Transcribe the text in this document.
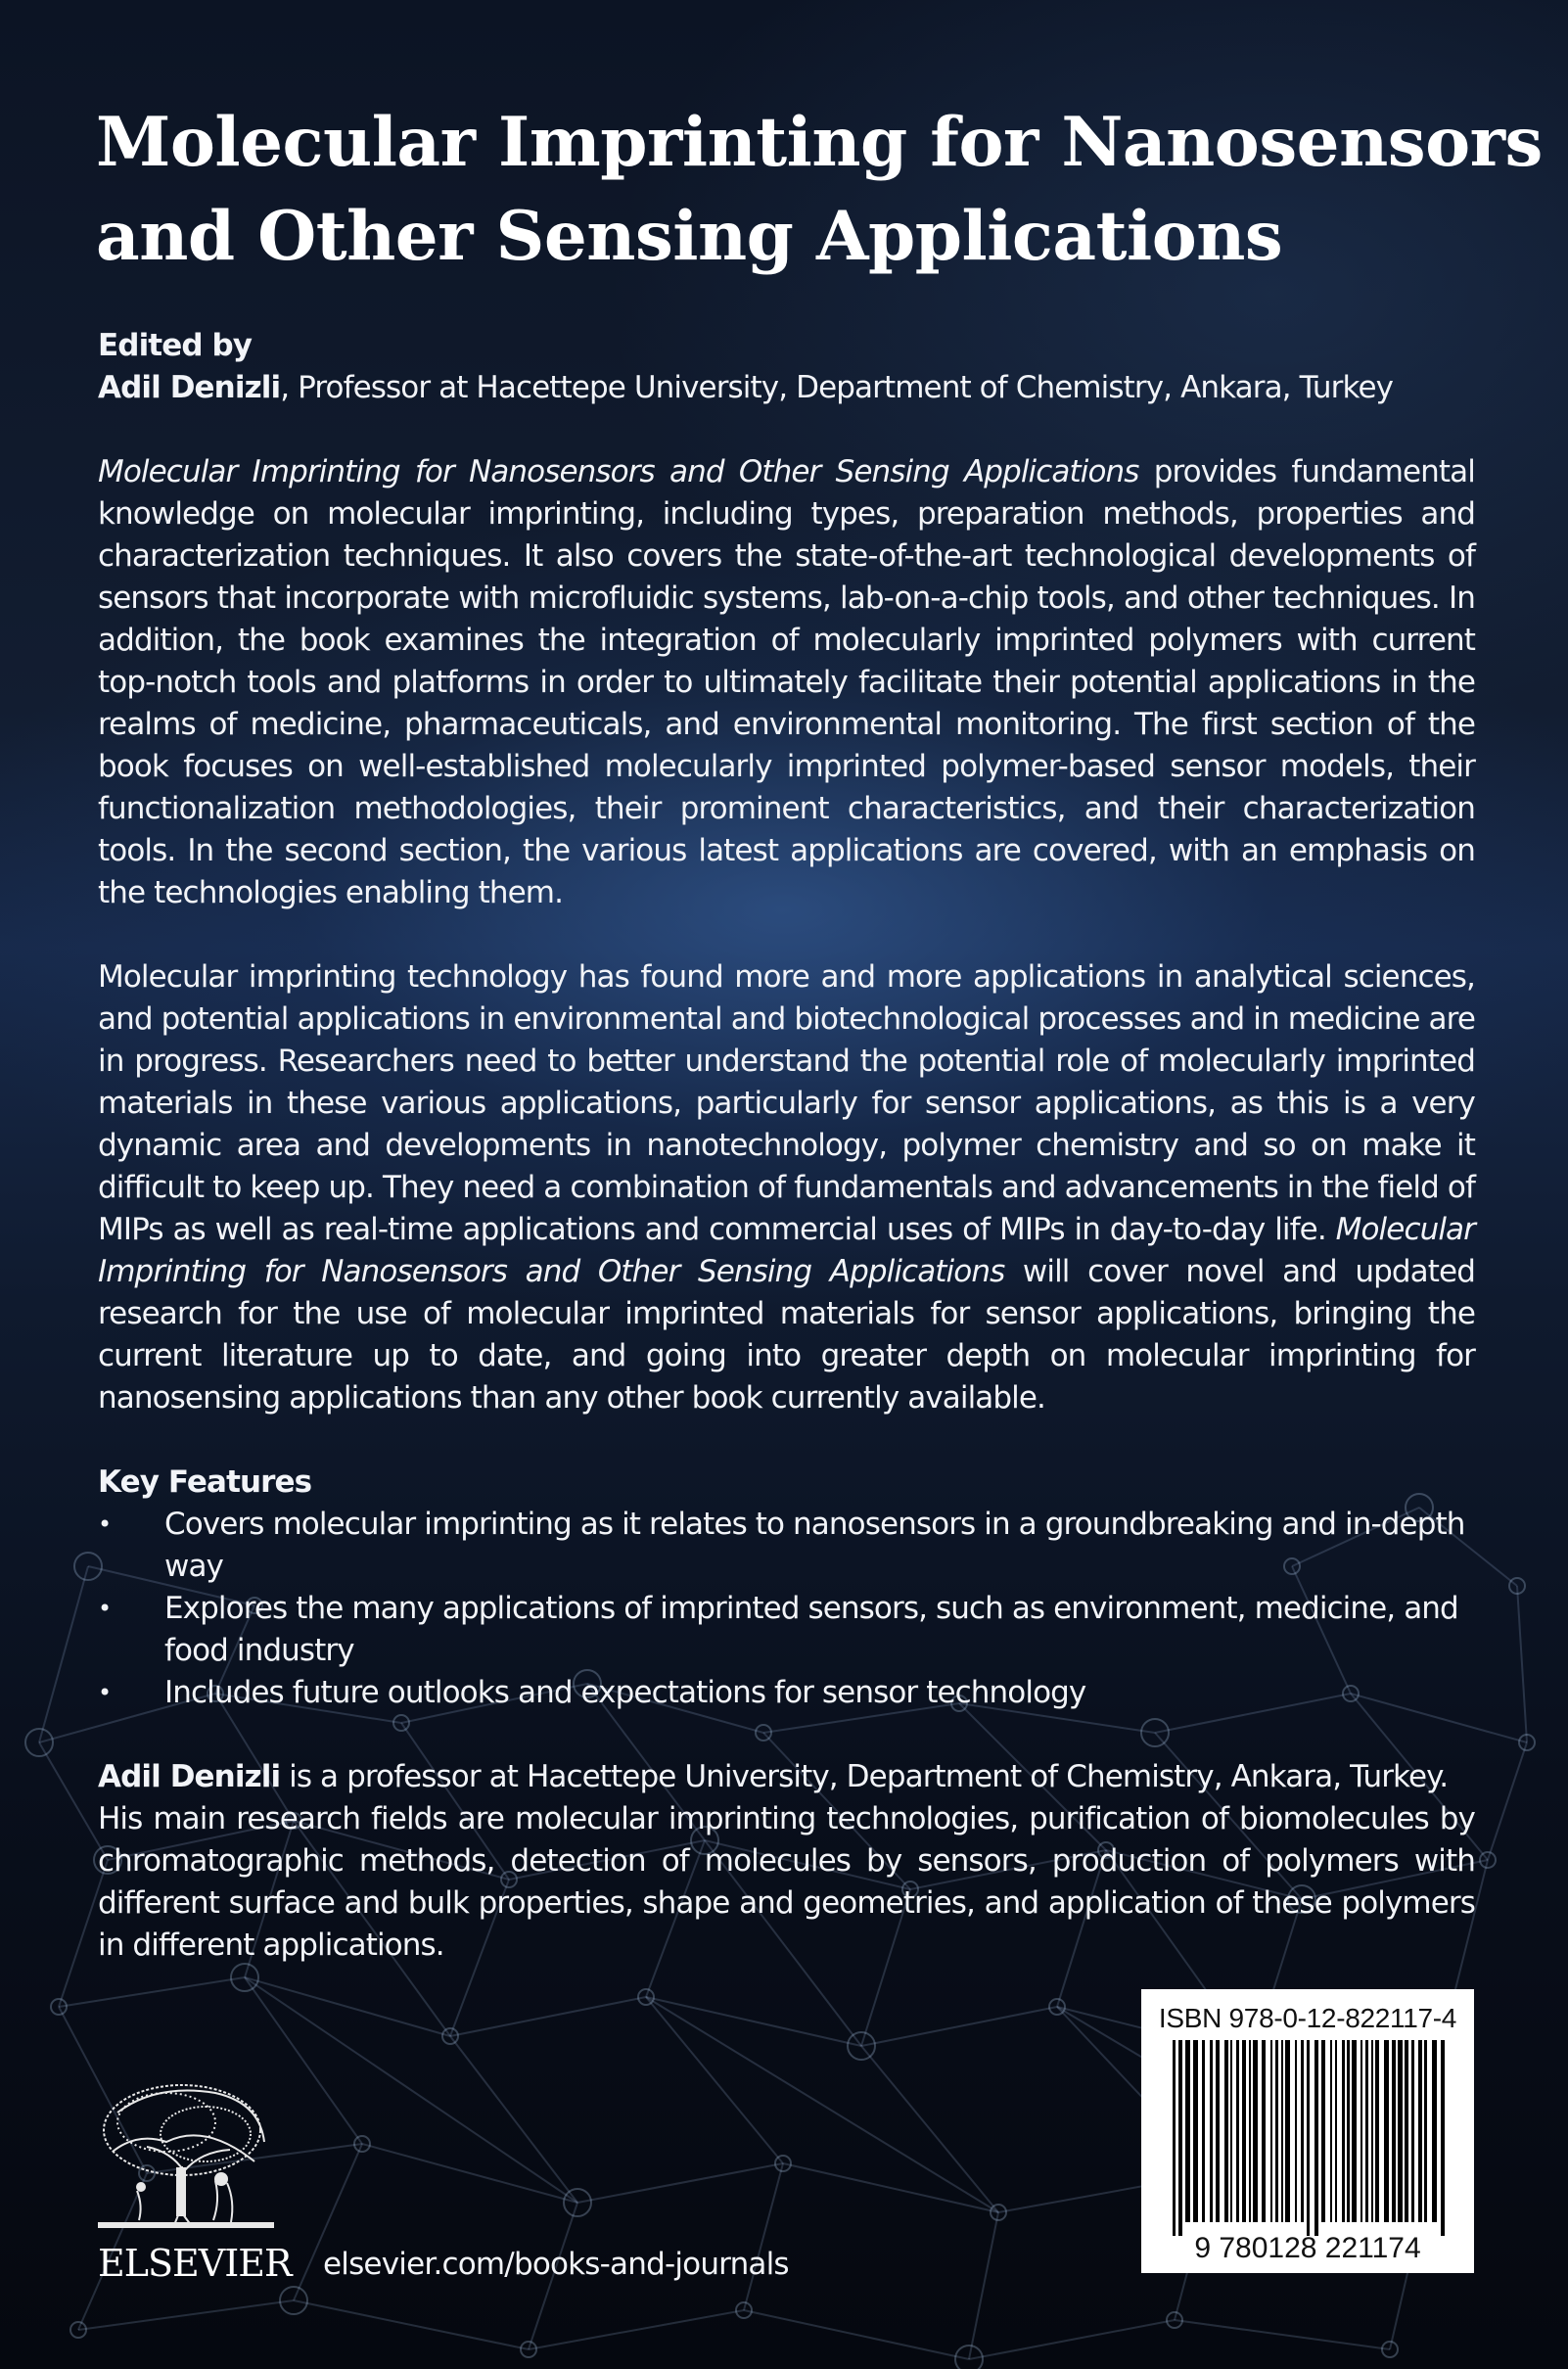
Molecular Imprinting for Nanosensors
and Other Sensing Applications

Edited by

Adil Denizli, Professor at Hacettepe University, Department of Chemistry, Ankara, Turkey

Molecular Imprinting for Nanosensors and Other Sensing Applications provides fundamental knowledge on molecular imprinting, including types, preparation methods, properties and characterization techniques. It also covers the state-of-the-art technological developments of sensors that incorporate with microfluidic systems, lab-on-a-chip tools, and other techniques. In addition, the book examines the integration of molecularly imprinted polymers with current top-notch tools and platforms in order to ultimately facilitate their potential applications in the realms of medicine, pharmaceuticals, and environmental monitoring. The first section of the book focuses on well-established molecularly imprinted polymer-based sensor models, their functionalization methodologies, their prominent characteristics, and their characterization tools. In the second section, the various latest applications are covered, with an emphasis on the technologies enabling them.

Molecular imprinting technology has found more and more applications in analytical sciences, and potential applications in environmental and biotechnological processes and in medicine are in progress. Researchers need to better understand the potential role of molecularly imprinted materials in these various applications, particularly for sensor applications, as this is a very dynamic area and developments in nanotechnology, polymer chemistry and so on make it difficult to keep up. They need a combination of fundamentals and advancements in the field of MIPs as well as real-time applications and commercial uses of MIPs in day-to-day life. Molecular Imprinting for Nanosensors and Other Sensing Applications will cover novel and updated research for the use of molecular imprinted materials for sensor applications, bringing the current literature up to date, and going into greater depth on molecular imprinting for nanosensing applications than any other book currently available.

Key Features

• Covers molecular imprinting as it relates to nanosensors in a groundbreaking and in-depth way
• Explores the many applications of imprinted sensors, such as environment, medicine, and food industry
• Includes future outlooks and expectations for sensor technology

Adil Denizli is a professor at Hacettepe University, Department of Chemistry, Ankara, Turkey.

His main research fields are molecular imprinting technologies, purification of biomolecules by chromatographic methods, detection of molecules by sensors, production of polymers with different surface and bulk properties, shape and geometries, and application of these polymers in different applications.

ELSEVIER elsevier.com/books-and-journals
ISBN 978-0-12-822117-4
9 780128 221174
